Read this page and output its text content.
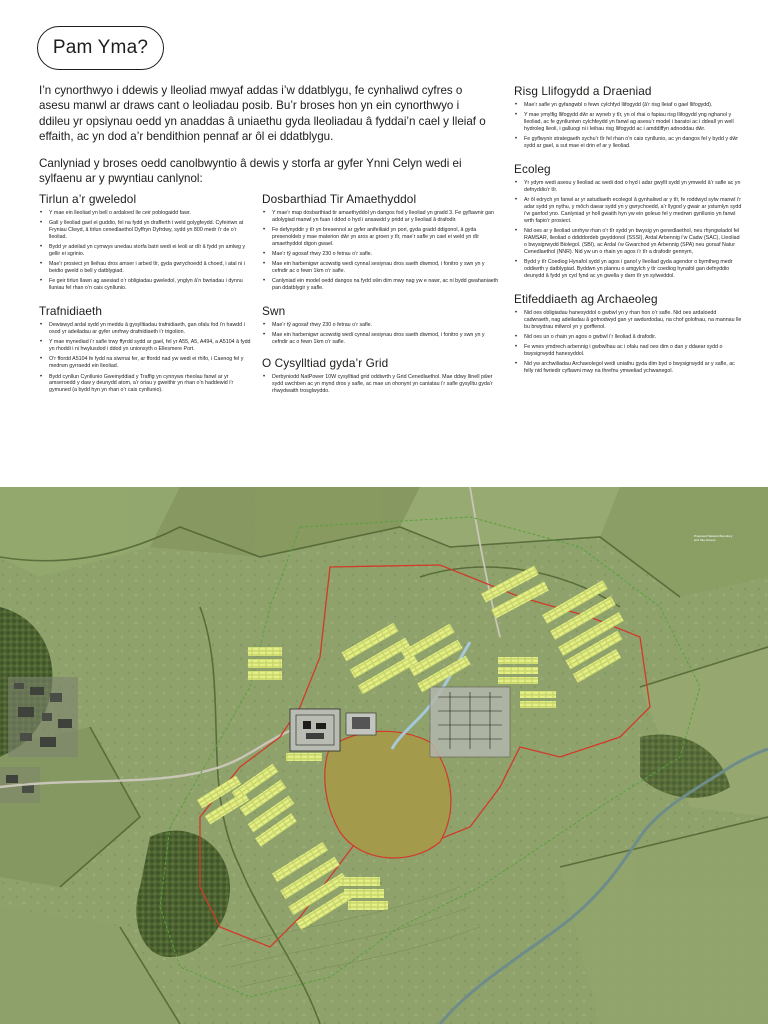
Pam Yma?

I’n cynorthwyo i ddewis y lleoliad mwyaf addas i’w ddatblygu, fe cynhaliwd cyfres o asesu manwl ar draws cant o leoliadau posib. Bu’r broses hon yn ein cynorthwyo i ddileu yr opsiynau oedd yn anaddas â uniaethu gyda lleoliadau â fyddai’n cael y lleiaf o effaith, ac yn dod a’r bendithion pennaf ar ôl ei ddatblygu.

Canlyniad y broses oedd canolbwyntio â dewis y storfa ar gyfer Ynni Celyn wedi ei sylfaenu ar y pwyntiau canlynol:

Tirlun a’r gweledol
• Y mae ein lleoliad yn bell o ardaloed lle ceir poblogaidd fawr.
• Gall y lleoliad gael ei guddio, fel na fydd yn drafferth i weld golygfeydd. Cyfeiriwn at Fryniau Clwyd, â tirlun cenedlaethol Dyffryn Dyfrdwy, sydd yn 800 medr i’r de o’r lleoliad.
• Bydd yr adeilad yn cymwys unedau storfa batri wedi ei leoli ar dîr â fydd yn amlwg y gellir ei sgrinio.
• Mae’r prosiect yn lleihau dros amser i arbed tîr, gyda gwrychoedd â choed, i atal ni i beidio gweld o bell y datblygiad.
• Fe geir tirlun llawn ag asesiad o’r obligiadau gweledol, ynglyn â’n bwriadau i dynnu lluniau fel rhan o’n cais cynllunio.
Trafnidiaeth
• Dewiswyd ardal sydd yn meddu â gysylltiadau trafnidiaeth, gan ofalu fod i’n hawdd i osod yr adeiladau ar gyfer unrhwy drafnidiaeth i’r trigolion.
• Y mae mynediad i’r safle trwy ffyrdd sydd ar gael, fel yr A55, A5, A494, a A5104 â fydd yn rhoddi i ni hwylusdod i ddod yn unionsyth o Ellesmere Port.
• O’r ffordd A5104 fe fydd na siwrnai fer, ar ffordd nad yw wedi ei rhifo, i Caenog fel y medrwn gyrraedd ein lleoliad.
• Bydd cynllun Cynllunio Gweinyddiad y Traffig yn cynnyws rheolau fanwl ar yr amseroedd y daw y deunydd atom, a’r oriau y gweithir yn rhan o’n haddewid i’r gymuned (a bydd hyn yn rhan o’r cais cynllunio).
Dosbarthiad Tir Amaethyddol
• Y mae’r map dosbarthiad tir amaethyddol yn dangos fod y lleoliad yn gradd 3. Fe gyflawnir gan adolygiad manwl yn fuan i ddod o hyd i ansawdd y pridd ar y lleoliad â drafodir.
• Fe defynyddir y tîr yn bresennol ar gyfer anifeiliaid yn pori, gyda gradd ddigonol, â gyda presenoldeb y mae materion dŵr yn aros ar groen y tîr, mae’r safle yn cael ei weld yn dîr amaethyddol digon gwael.
• Mae’r tŷ agosaf rhwy 230 o fetrau o’r safle.
• Mae ein harbenigwr acowstig wedi cynnal sesiynau dros saeth diwmod, i fonitro y swn yn y cefndir ac o fewn 1km o’r safle.
• Canlyniad ein model oedd dangos na fydd sŵn dim mwy nag yw e nawr, ac ni bydd gwahaniaeth pan ddatblygir y safle.
Swn
• Mae’r tŷ agosaf rhwy 230 o fetrau o’r safle.
• Mae ein harbenigwr acowstig wedi cynnal sesiynau dros saeth diwmod, i fonitro y swn yn y cefndir ac o fewn 1km o’r safle.
O Cysylltiad gyda’r Grid
• Derbyniodd NatPower 10W cysylltiad grid oddiwrth y Grid Cenedlaethol. Mae ddwy llinell pŵer sydd uwchben ac yn mynd dros y safle, ac mae un ohonynt yn caniatau i’r safle gysylltu gyda’r rhwydwaith trosglwyddo.
Risg Llifogydd a Draeniad
• Mae’r safle yn gyfangwbl o fewn cylchfyd llifogydd (â’r risg lleiaf o gael llifogydd).
• Y mae ymylfig llifogydd dŵr ar wyneb y tîr, yn ol rhai o fapiau risg llifogydd yng nghanol y lleoliad, ac fe gynlluniwn cylchfeydd yn fanwl ag asesu’r model i baratoi ac i ddeall yn well hydroleg lleoli, i galluogi ni i leihau risg llifogydd ac i amddiffyn adnoddau dŵr.
• Fe gyflwynir strategaeth sychu’r tîr fel rhan o’n cais cynllunio, ac yn dangos fel y bydd y dŵr sydd ar gael, a sut mae ei drin ef ar y lleoliad.
Ecoleg
• Yr ydym wedi asesu y lleoliad ac wedi dod o hyd i adar gwyllt sydd yn ymweld â’r safle ac yn defnyddio’r tîr.
• Ar ôl edrych yn fanwl ar yr astudiaeth ecolegol â gynhaliwd ar y tîr, fe roddwyd sylw manwl i’r adar sydd yn nythu, y môch daear sydd yn y gwrychoedd, a’r llygod y gwair ar ystumlyn sydd i’w ganfod yno. Canlyniad yr holl gwaith hyn yw ein goleuo fel y medrwn gynllunio yn fanwl wrth fapio’r prosiect.
• Nid oes ar y lleoliad unrhyw rhan o’r tîr sydd yn bwysig yn genedlaethol, neu rhyngwladol fel RAMSAR, lleoliad o ddiddordeb gwyddonol (SSSI), Ardal Arbennig i’w Cadw (SAC), Lleoliad o bwysigrwydd Biolegol. (SBI), ac Ardal i’w Gwarchod yn Arbennig (SPA) neu gorsaf Natur Cenedlaethol (NNR). Nid yw un o rhain yn agos i’r tîr a drafodir gennym,
• Bydd y tîr Coediog Hynafol sydd yn agos i ganol y lleoliad gyda agendor o bymtheg medr oddiwrth y datblygiad. Byddwn yn plannu o amgylch y tîr coediog hynafol gan defnyddio deunydd â fydd yn cyd fynd ac yn gwella y darn tîr yn sylweddol.
Etifeddiaeth ag Archaeoleg
• Nid oes obligiadau hanesyddol o gwbwl yn y rhan hon o’r safle. Nid oes ardaloedd cadwraeth, nag adeiladau â gofnodwyd gan yr awdurdodau, na chof golofnau, na mannau lle bu brwydrau milwrol yn y gorffenol.
• Nid oes un o rhain yn agos o gwbwl i’r lleoliad â drafodir.
• Fe wnes ymdrech arbennig i gwbwlhau ac i ofalu nad oes dim o dan y ddaear sydd o bwysigrwydd hanesyddol.
• Nid yw archwiliadau Archaeolegol wedi uniathu gyda dim byd o bwysigrwydd ar y safle, ac felly nid fwriedir cyflawni mwy na threfnu ymweliad ychwanegol.
Proposed Network Boundary and Site Access
